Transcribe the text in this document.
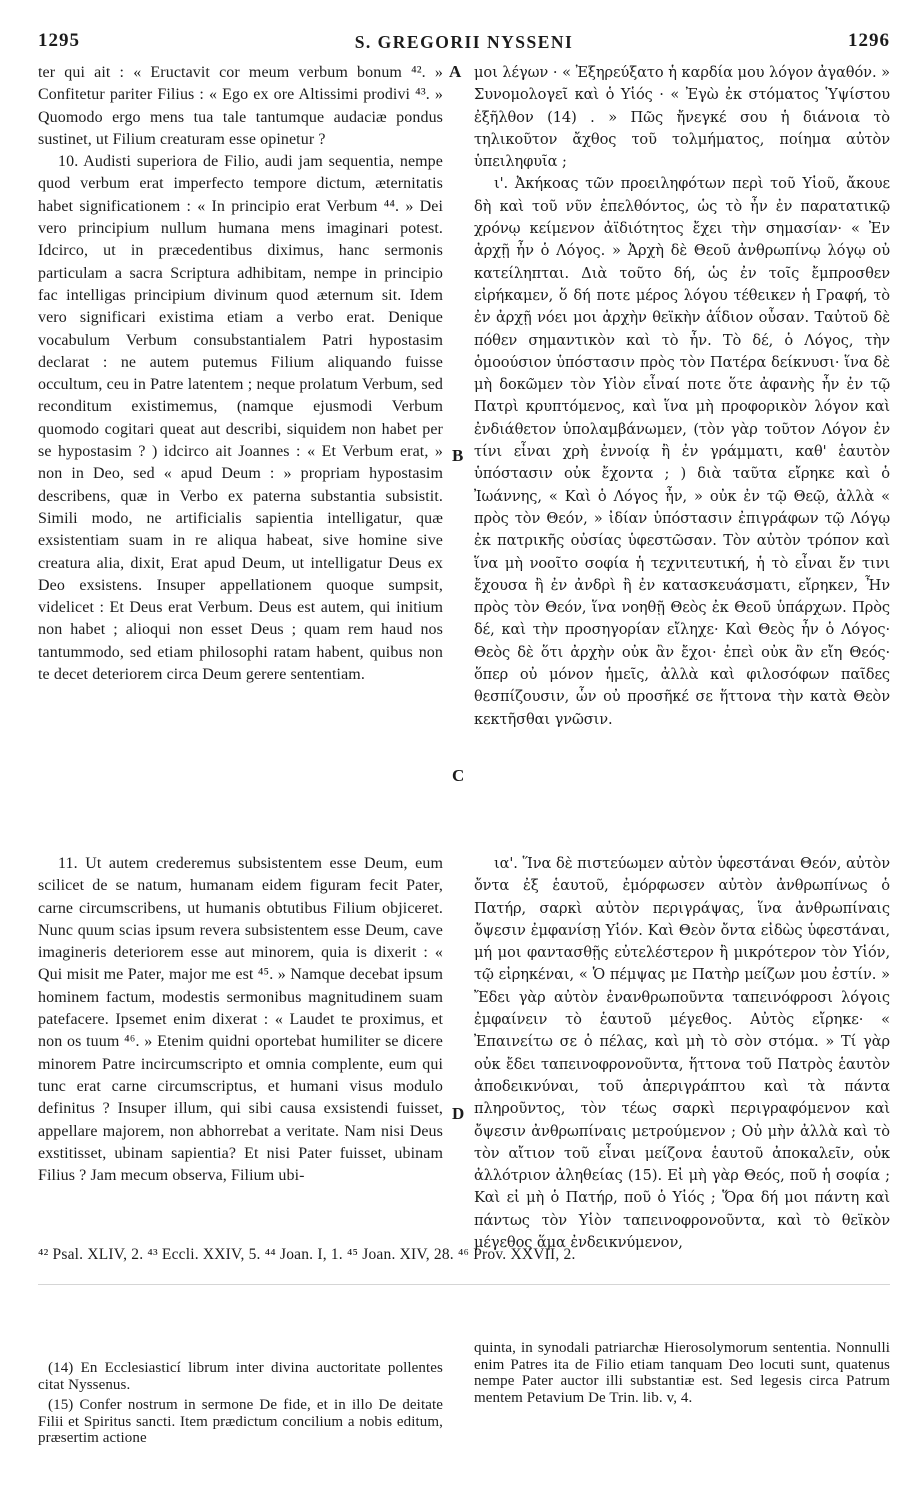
1295	S. GREGORII NYSSENI	1296

ter qui ait : « Eructavit cor meum verbum bonum ⁴². » Confitetur pariter Filius : « Ego ex ore Altissimi prodivi ⁴³. » Quomodo ergo mens tua tale tantumque audaciæ pondus sustinet, ut Filium creaturam esse opinetur ?

10. Audisti superiora de Filio, audi jam sequentia, nempe quod verbum erat imperfecto tempore dictum, æternitatis habet significationem : « In principio erat Verbum ⁴⁴. » Dei vero principium nullum humana mens imaginari potest. Idcirco, ut in præcedentibus diximus, hanc sermonis particulam a sacra Scriptura adhibitam, nempe in principio fac intelligas principium divinum quod æternum sit. Idem vero significari existima etiam a verbo erat. Denique vocabulum Verbum consubstantialem Patri hypostasim declarat : ne autem putemus Filium aliquando fuisse occultum, ceu in Patre latentem ; neque prolatum Verbum, sed reconditum existimemus, (namque ejusmodi Verbum quomodo cogitari queat aut describi, siquidem non habet per se hypostasim ? ) idcirco ait Joannes : « Et Verbum erat, » non in Deo, sed « apud Deum : » propriam hypostasim describens, quæ in Verbo ex paterna substantia subsistit. Simili modo, ne artificialis sapientia intelligatur, quæ exsistentiam suam in re aliqua habeat, sive homine sive creatura alia, dixit, Erat apud Deum, ut intelligatur Deus ex Deo exsistens. Insuper appellationem quoque sumpsit, videlicet : Et Deus erat Verbum. Deus est autem, qui initium non habet ; alioqui non esset Deus ; quam rem haud nos tantummodo, sed etiam philosophi ratam habent, quibus non te decet deteriorem circa Deum gerere sententiam.

11. Ut autem crederemus subsistentem esse Deum, eum scilicet de se natum, humanam eidem figuram fecit Pater, carne circumscribens, ut humanis obtutibus Filium objiceret. Nunc quum scias ipsum revera subsistentem esse Deum, cave imagineris deteriorem esse aut minorem, quia is dixerit : « Qui misit me Pater, major me est ⁴⁵. » Namque decebat ipsum hominem factum, modestis sermonibus magnitudinem suam patefacere. Ipsemet enim dixerat : « Laudet te proximus, et non os tuum ⁴⁶. » Etenim quidni oportebat humiliter se dicere minorem Patre incircumscripto et omnia complente, eum qui tunc erat carne circumscriptus, et humani visus modulo definitus ? Insuper illum, qui sibi causa exsistendi fuisset, appellare majorem, non abhorrebat a veritate. Nam nisi Deus exstitisset, ubinam sapientia? Et nisi Pater fuisset, ubinam Filius ? Jam mecum observa, Filium ubi-

μοι λέγων · « Ἐξηρεύξατο ἡ καρδία μου λόγον ἀγαθόν. » Συνομολογεῖ καὶ ὁ Υἱός · « Ἐγὼ ἐκ στόματος Ὑψίστου ἐξῆλθον (14) . » Πῶς ἤνεγκέ σου ἡ διάνοια τὸ τηλικοῦτον ἄχθος τοῦ τολμήματος, ποίημα αὐτὸν ὑπειληφυῖα ;

ι'. Ἀκήκοας τῶν προειληφότων περὶ τοῦ Υἱοῦ, ἄκουε δὴ καὶ τοῦ νῦν ἐπελθόντος, ὡς τὸ ἦν ἐν παρατατικῷ χρόνῳ κείμενον ἀϊδιότητος ἔχει τὴν σημασίαν· « Ἐν ἀρχῇ ἦν ὁ Λόγος. » Ἀρχὴ δὲ Θεοῦ ἀνθρωπίνῳ λόγῳ οὐ κατείληπται. Διὰ τοῦτο δή, ὡς ἐν τοῖς ἔμπροσθεν εἰρήκαμεν, ὅ δή ποτε μέρος λόγου τέθεικεν ἡ Γραφή, τὸ ἐν ἀρχῇ νόει μοι ἀρχὴν θεϊκὴν ἀΐδιον οὖσαν. Ταὐτοῦ δὲ πόθεν σημαντικὸν καὶ τὸ ἦν. Τὸ δέ, ὁ Λόγος, τὴν ὁμοούσιον ὑπόστασιν πρὸς τὸν Πατέρα δείκνυσι· ἵνα δὲ μὴ δοκῶμεν τὸν Υἱὸν εἶναί ποτε ὅτε ἀφανὴς ἦν ἐν τῷ Πατρὶ κρυπτόμενος, καὶ ἵνα μὴ προφορικὸν λόγον καὶ ἐνδιάθετον ὑπολαμβάνωμεν, (τὸν γὰρ τοῦτον Λόγον ἐν τίνι εἶναι χρὴ ἐννοίᾳ ἢ ἐν γράμματι, καθ' ἑαυτὸν ὑπόστασιν οὐκ ἔχοντα ; ) διὰ ταῦτα εἴρηκε καὶ ὁ Ἰωάννης, « Καὶ ὁ Λόγος ἦν, » οὐκ ἐν τῷ Θεῷ, ἀλλὰ « πρὸς τὸν Θεόν, » ἰδίαν ὑπόστασιν ἐπιγράφων τῷ Λόγῳ ἐκ πατρικῆς οὐσίας ὑφεστῶσαν. Τὸν αὐτὸν τρόπον καὶ ἵνα μὴ νοοῖτο σοφία ἡ τεχνιτευτική, ἡ τὸ εἶναι ἔν τινι ἔχουσα ἢ ἐν ἀνδρὶ ἢ ἐν κατασκευάσματι, εἴρηκεν, Ἦν πρὸς τὸν Θεόν, ἵνα νοηθῇ Θεὸς ἐκ Θεοῦ ὑπάρχων. Πρὸς δέ, καὶ τὴν προσηγορίαν εἴληχε· Καὶ Θεὸς ἦν ὁ Λόγος· Θεὸς δὲ ὅτι ἀρχὴν οὐκ ἂν ἔχοι· ἐπεὶ οὐκ ἂν εἴη Θεός· ὅπερ οὐ μόνον ἡμεῖς, ἀλλὰ καὶ φιλοσόφων παῖδες θεσπίζουσιν, ὧν οὐ προσῆκέ σε ἥττονα τὴν κατὰ Θεὸν κεκτῆσθαι γνῶσιν.

ια'. Ἵνα δὲ πιστεύωμεν αὐτὸν ὑφεστάναι Θεόν, αὐτὸν ὄντα ἐξ ἑαυτοῦ, ἐμόρφωσεν αὐτὸν ἀνθρωπίνως ὁ Πατήρ, σαρκὶ αὐτὸν περιγράψας, ἵνα ἀνθρωπίναις ὄψεσιν ἐμφανίσῃ Υἱόν. Καὶ Θεὸν ὄντα εἰδὼς ὑφεστάναι, μή μοι φαντασθῇς εὐτελέστερον ἢ μικρότερον τὸν Υἱόν, τῷ εἰρηκέναι, « Ὁ πέμψας με Πατὴρ μείζων μου ἐστίν. » Ἔδει γὰρ αὐτὸν ἐνανθρωποῦντα ταπεινόφροσι λόγοις ἐμφαίνειν τὸ ἑαυτοῦ μέγεθος. Αὐτὸς εἴρηκε· « Ἐπαινείτω σε ὁ πέλας, καὶ μὴ τὸ σὸν στόμα. » Τί γὰρ οὐκ ἔδει ταπεινοφρονοῦντα, ἥττονα τοῦ Πατρὸς ἑαυτὸν ἀποδεικνύναι, τοῦ ἀπεριγράπτου καὶ τὰ πάντα πληροῦντος, τὸν τέως σαρκὶ περιγραφόμενον καὶ ὄψεσιν ἀνθρωπίναις μετρούμενον ; Οὐ μὴν ἀλλὰ καὶ τὸ τὸν αἴτιον τοῦ εἶναι μείζονα ἑαυτοῦ ἀποκαλεῖν, οὐκ ἀλλότριον ἀληθείας (15). Εἰ μὴ γὰρ Θεός, ποῦ ἡ σοφία ; Καὶ εἰ μὴ ὁ Πατήρ, ποῦ ὁ Υἱός ; Ὅρα δή μοι πάντη καὶ πάντως τὸν Υἱὸν ταπεινοφρονοῦντα, καὶ τὸ θεϊκὸν μέγεθος ἅμα ἐνδεικνύμενον,

A
B
C
D
⁴² Psal. XLIV, 2. ⁴³ Eccli. XXIV, 5. ⁴⁴ Joan. I, 1. ⁴⁵ Joan. XIV, 28. ⁴⁶ Prov. XXVII, 2.

(14) En Ecclesiasticí librum inter divina auctoritate pollentes citat Nyssenus.

(15) Confer nostrum in sermone De fide, et in illo De deitate Filii et Spiritus sancti. Item prædictum concilium a nobis editum, præsertim actione

quinta, in synodali patriarchæ Hierosolymorum sententia. Nonnulli enim Patres ita de Filio etiam tanquam Deo locuti sunt, quatenus nempe Pater auctor illi substantiæ est. Sed legesis circa Patrum mentem Petavium De Trin. lib. v, 4.
